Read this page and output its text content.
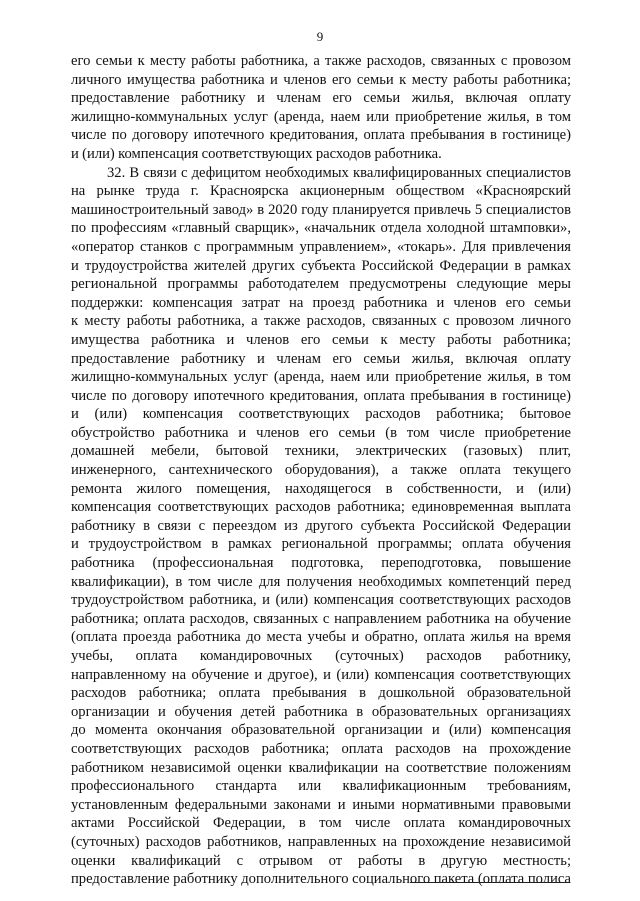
9
его семьи к месту работы работника, а также расходов, связанных с провозом
личного имущества работника и членов его семьи к месту работы работника;
предоставление работнику и членам его семьи жилья, включая оплату
жилищно-коммунальных услуг (аренда, наем или приобретение жилья, в том
числе по договору ипотечного кредитования, оплата пребывания в гостинице)
и (или) компенсация соответствующих расходов работника.
32. В связи с дефицитом необходимых квалифицированных специалистов
на рынке труда г. Красноярска акционерным обществом «Красноярский
машиностроительный завод» в 2020 году планируется привлечь 5 специалистов
по профессиям «главный сварщик», «начальник отдела холодной штамповки»,
«оператор станков с программным управлением», «токарь». Для привлечения
и трудоустройства жителей других субъекта Российской Федерации в рамках
региональной программы работодателем предусмотрены следующие меры
поддержки: компенсация затрат на проезд работника и членов его семьи
к месту работы работника, а также расходов, связанных с провозом личного
имущества работника и членов его семьи к месту работы работника;
предоставление работнику и членам его семьи жилья, включая оплату
жилищно-коммунальных услуг (аренда, наем или приобретение жилья, в том
числе по договору ипотечного кредитования, оплата пребывания в гостинице)
и (или) компенсация соответствующих расходов работника; бытовое
обустройство работника и членов его семьи (в том числе приобретение
домашней мебели, бытовой техники, электрических (газовых) плит,
инженерного, сантехнического оборудования), а также оплата текущего
ремонта жилого помещения, находящегося в собственности, и (или)
компенсация соответствующих расходов работника; единовременная выплата
работнику в связи с переездом из другого субъекта Российской Федерации
и трудоустройством в рамках региональной программы; оплата обучения
работника (профессиональная подготовка, переподготовка, повышение
квалификации), в том числе для получения необходимых компетенций перед
трудоустройством работника, и (или) компенсация соответствующих расходов
работника; оплата расходов, связанных с направлением работника на обучение
(оплата проезда работника до места учебы и обратно, оплата жилья на время
учебы, оплата командировочных (суточных) расходов работнику,
направленному на обучение и другое), и (или) компенсация соответствующих
расходов работника; оплата пребывания в дошкольной образовательной
организации и обучения детей работника в образовательных организациях
до момента окончания образовательной организации и (или) компенсация
соответствующих расходов работника; оплата расходов на прохождение
работником независимой оценки квалификации на соответствие положениям
профессионального стандарта или квалификационным требованиям,
установленным федеральными законами и иными нормативными правовыми
актами Российской Федерации, в том числе оплата командировочных
(суточных) расходов работников, направленных на прохождение независимой
оценки квалификаций с отрывом от работы в другую местность;
предоставление работнику дополнительного социального пакета (оплата полиса
